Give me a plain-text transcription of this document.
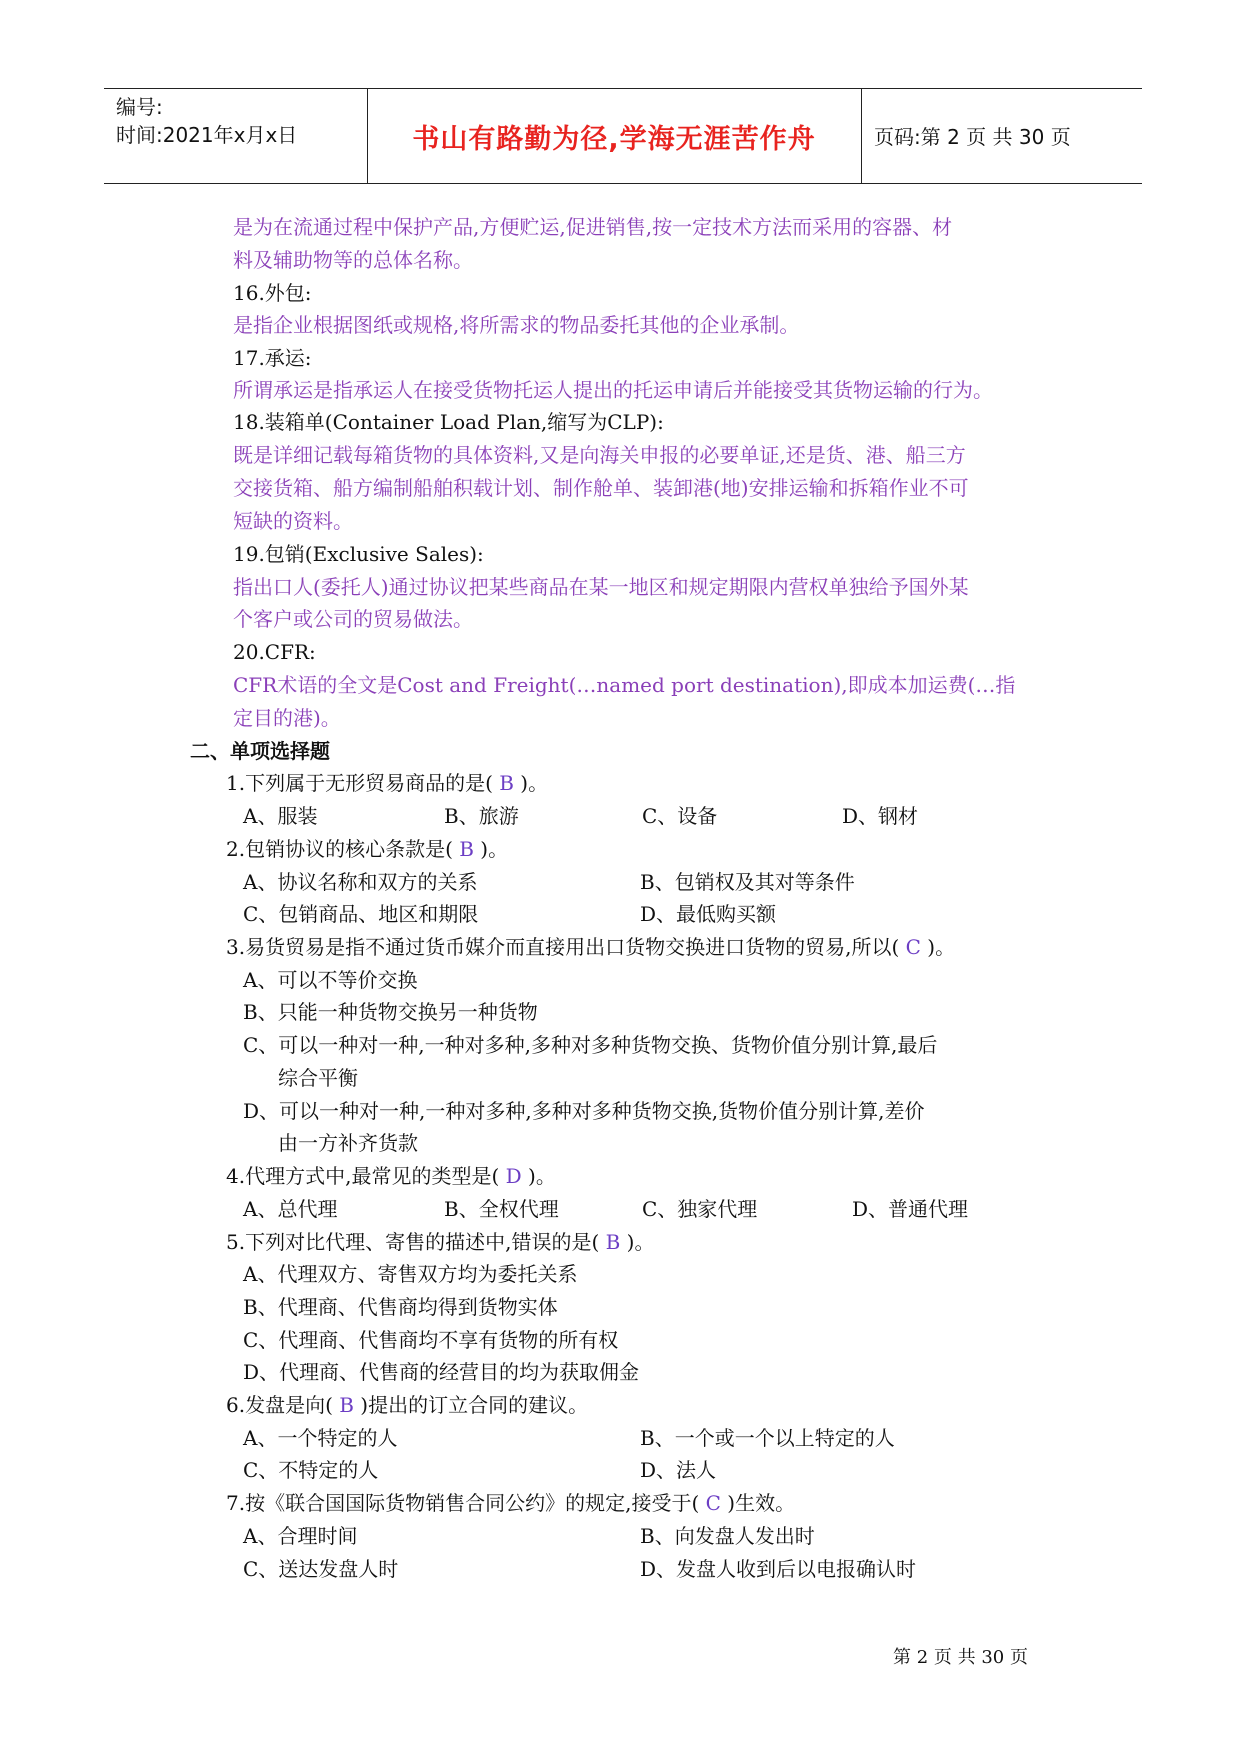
编号:
时间:2021年x月x日	书山有路勤为径,学海无涯苦作舟	页码:第 2 页 共 30 页
是为在流通过程中保护产品,方便贮运,促进销售,按一定技术方法而采用的容器、材
料及辅助物等的总体名称。
16.外包:
是指企业根据图纸或规格,将所需求的物品委托其他的企业承制。
17.承运:
所谓承运是指承运人在接受货物托运人提出的托运申请后并能接受其货物运输的行为。
18.装箱单(Container Load Plan,缩写为CLP):
既是详细记载每箱货物的具体资料,又是向海关申报的必要单证,还是货、港、船三方
交接货箱、船方编制船舶积载计划、制作舱单、装卸港(地)安排运输和拆箱作业不可
短缺的资料。
19.包销(Exclusive Sales):
指出口人(委托人)通过协议把某些商品在某一地区和规定期限内营权单独给予国外某
个客户或公司的贸易做法。
20.CFR:
CFR术语的全文是Cost and Freight(…named port destination),即成本加运费(…指
定目的港)。
二、单项选择题
1.下列属于无形贸易商品的是( B )。
A、服装	B、旅游	C、设备	D、钢材
2.包销协议的核心条款是( B )。
A、协议名称和双方的关系	B、包销权及其对等条件
C、包销商品、地区和期限	D、最低购买额
3.易货贸易是指不通过货币媒介而直接用出口货物交换进口货物的贸易,所以( C )。
A、可以不等价交换
B、只能一种货物交换另一种货物
C、可以一种对一种,一种对多种,多种对多种货物交换、货物价值分别计算,最后
综合平衡
D、可以一种对一种,一种对多种,多种对多种货物交换,货物价值分别计算,差价
由一方补齐货款
4.代理方式中,最常见的类型是( D )。
A、总代理	B、全权代理	C、独家代理	D、普通代理
5.下列对比代理、寄售的描述中,错误的是( B )。
A、代理双方、寄售双方均为委托关系
B、代理商、代售商均得到货物实体
C、代理商、代售商均不享有货物的所有权
D、代理商、代售商的经营目的均为获取佣金
6.发盘是向( B )提出的订立合同的建议。
A、一个特定的人	B、一个或一个以上特定的人
C、不特定的人	D、法人
7.按《联合国国际货物销售合同公约》的规定,接受于( C )生效。
A、合理时间	B、向发盘人发出时
C、送达发盘人时	D、发盘人收到后以电报确认时
第 2 页 共 30 页
